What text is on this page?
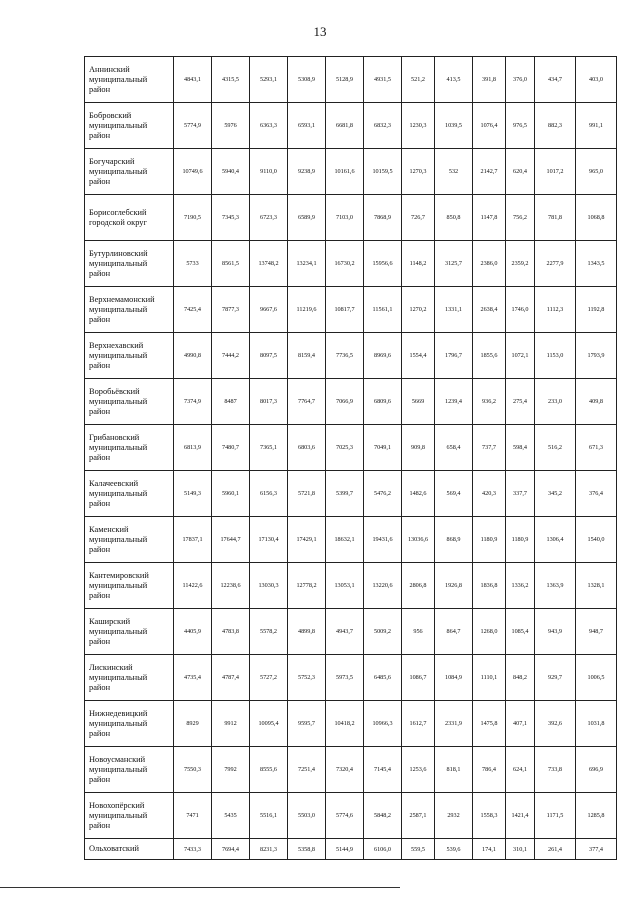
13
Аннинский муниципальный район	4843,1	4315,5	5293,1	5308,9	5128,9	4931,5	521,2	413,5	391,8	376,0	434,7	403,0
Бобровский муниципальный район	5774,9	5976	6363,3	6593,1	6681,8	6832,3	1230,3	1039,5	1076,4	976,5	882,3	991,1
Богучарский муниципальный район	10749,6	5940,4	9110,0	9238,9	10161,6	10159,5	1270,3	532	2142,7	620,4	1017,2	965,0
Борисоглебский городской округ	7190,5	7345,3	6723,3	6589,9	7103,0	7868,9	726,7	850,8	1147,8	756,2	781,8	1068,8
Бутурлиновский муниципальный район	5733	8561,5	13748,2	13234,1	16730,2	15956,6	1148,2	3125,7	2386,0	2359,2	2277,9	1343,5
Верхнемамонский муниципальный район	7425,4	7877,3	9667,6	11219,6	10817,7	11561,1	1270,2	1331,1	2638,4	1746,0	1112,3	1192,8
Верхнехавский муниципальный район	4990,8	7444,2	8097,5	8159,4	7736,5	8969,6	1554,4	1796,7	1855,6	1072,1	1153,0	1793,9
Воробьёвский муниципальный район	7374,9	8487	8017,3	7764,7	7066,9	6809,6	5669	1239,4	936,2	275,4	233,0	409,8
Грибановский муниципальный район	6813,9	7480,7	7365,1	6803,6	7025,3	7049,1	909,8	658,4	737,7	598,4	516,2	671,3
Калачеевский муниципальный район	5149,3	5960,1	6156,3	5721,8	5399,7	5476,2	1482,6	569,4	420,3	337,7	345,2	376,4
Каменский муниципальный район	17837,1	17644,7	17130,4	17429,1	18632,1	19431,6	13036,6	868,9	1180,9	1180,9	1306,4	1540,0
Кантемировский муниципальный район	11422,6	12238,6	13030,3	12778,2	13053,1	13220,6	2806,8	1926,8	1836,8	1336,2	1363,9	1328,1
Каширский муниципальный район	4405,9	4783,8	5578,2	4899,8	4943,7	5009,2	956	864,7	1268,0	1085,4	943,9	948,7
Лискинский муниципальный район	4735,4	4787,4	5727,2	5752,3	5973,5	6485,6	1086,7	1084,9	1110,1	848,2	929,7	1006,5
Нижнедевицкий муниципальный район	8929	9912	10095,4	9595,7	10418,2	10966,3	1612,7	2331,9	1475,8	407,1	392,6	1031,8
Новоусманский муниципальный район	7550,3	7992	8555,6	7251,4	7320,4	7145,4	1253,6	818,1	786,4	624,1	733,8	696,9
Новохопёрский муниципальный район	7471	5435	5516,1	5503,0	5774,6	5848,2	2587,1	2932	1558,3	1421,4	1171,5	1285,8
Ольховатский	7433,3	7694,4	8231,3	5358,8	5144,9	6106,0	559,5	539,6	174,1	310,1	261,4	377,4
